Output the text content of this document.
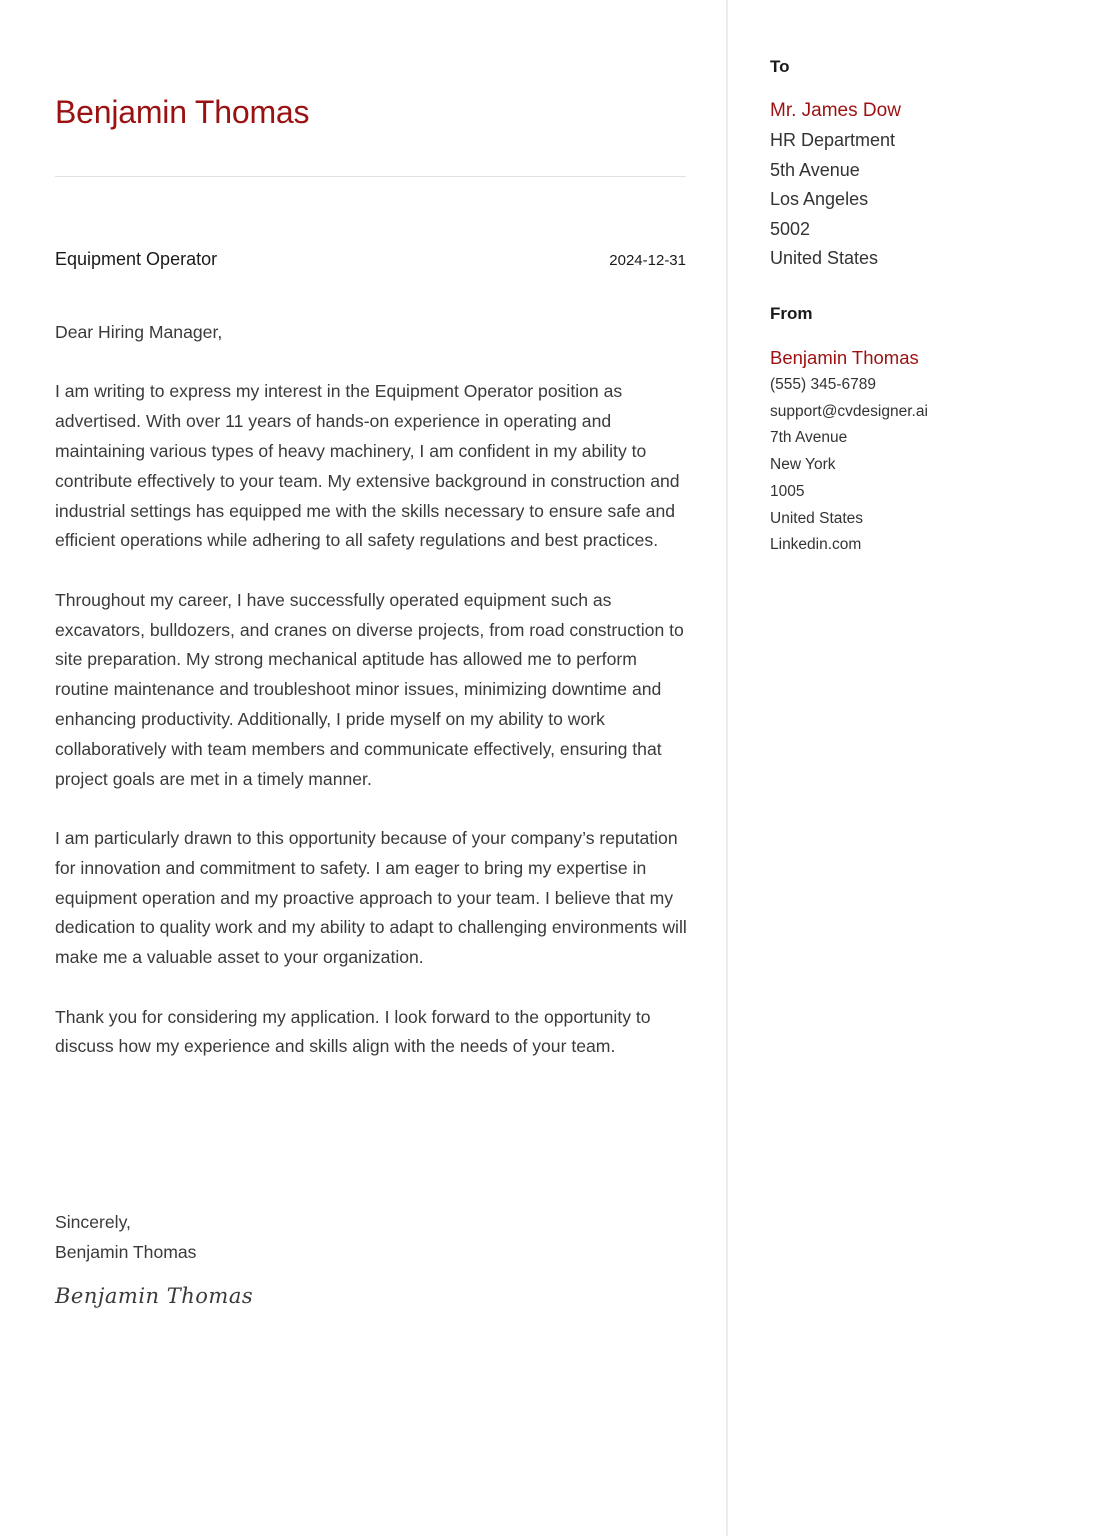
Benjamin Thomas
Equipment Operator	2024-12-31

Dear Hiring Manager,

I am writing to express my interest in the Equipment Operator position as advertised. With over 11 years of hands-on experience in operating and maintaining various types of heavy machinery, I am confident in my ability to contribute effectively to your team. My extensive background in construction and industrial settings has equipped me with the skills necessary to ensure safe and efficient operations while adhering to all safety regulations and best practices.

Throughout my career, I have successfully operated equipment such as excavators, bulldozers, and cranes on diverse projects, from road construction to site preparation. My strong mechanical aptitude has allowed me to perform routine maintenance and troubleshoot minor issues, minimizing downtime and enhancing productivity. Additionally, I pride myself on my ability to work collaboratively with team members and communicate effectively, ensuring that project goals are met in a timely manner.

I am particularly drawn to this opportunity because of your company’s reputation for innovation and commitment to safety. I am eager to bring my expertise in equipment operation and my proactive approach to your team. I believe that my dedication to quality work and my ability to adapt to challenging environments will make me a valuable asset to your organization.

Thank you for considering my application. I look forward to the opportunity to discuss how my experience and skills align with the needs of your team.

Sincerely,
Benjamin Thomas
Benjamin Thomas
To
Mr. James Dow
HR Department
5th Avenue
Los Angeles
5002
United States
From
Benjamin Thomas
(555) 345-6789
support@cvdesigner.ai
7th Avenue
New York
1005
United States
Linkedin.com
